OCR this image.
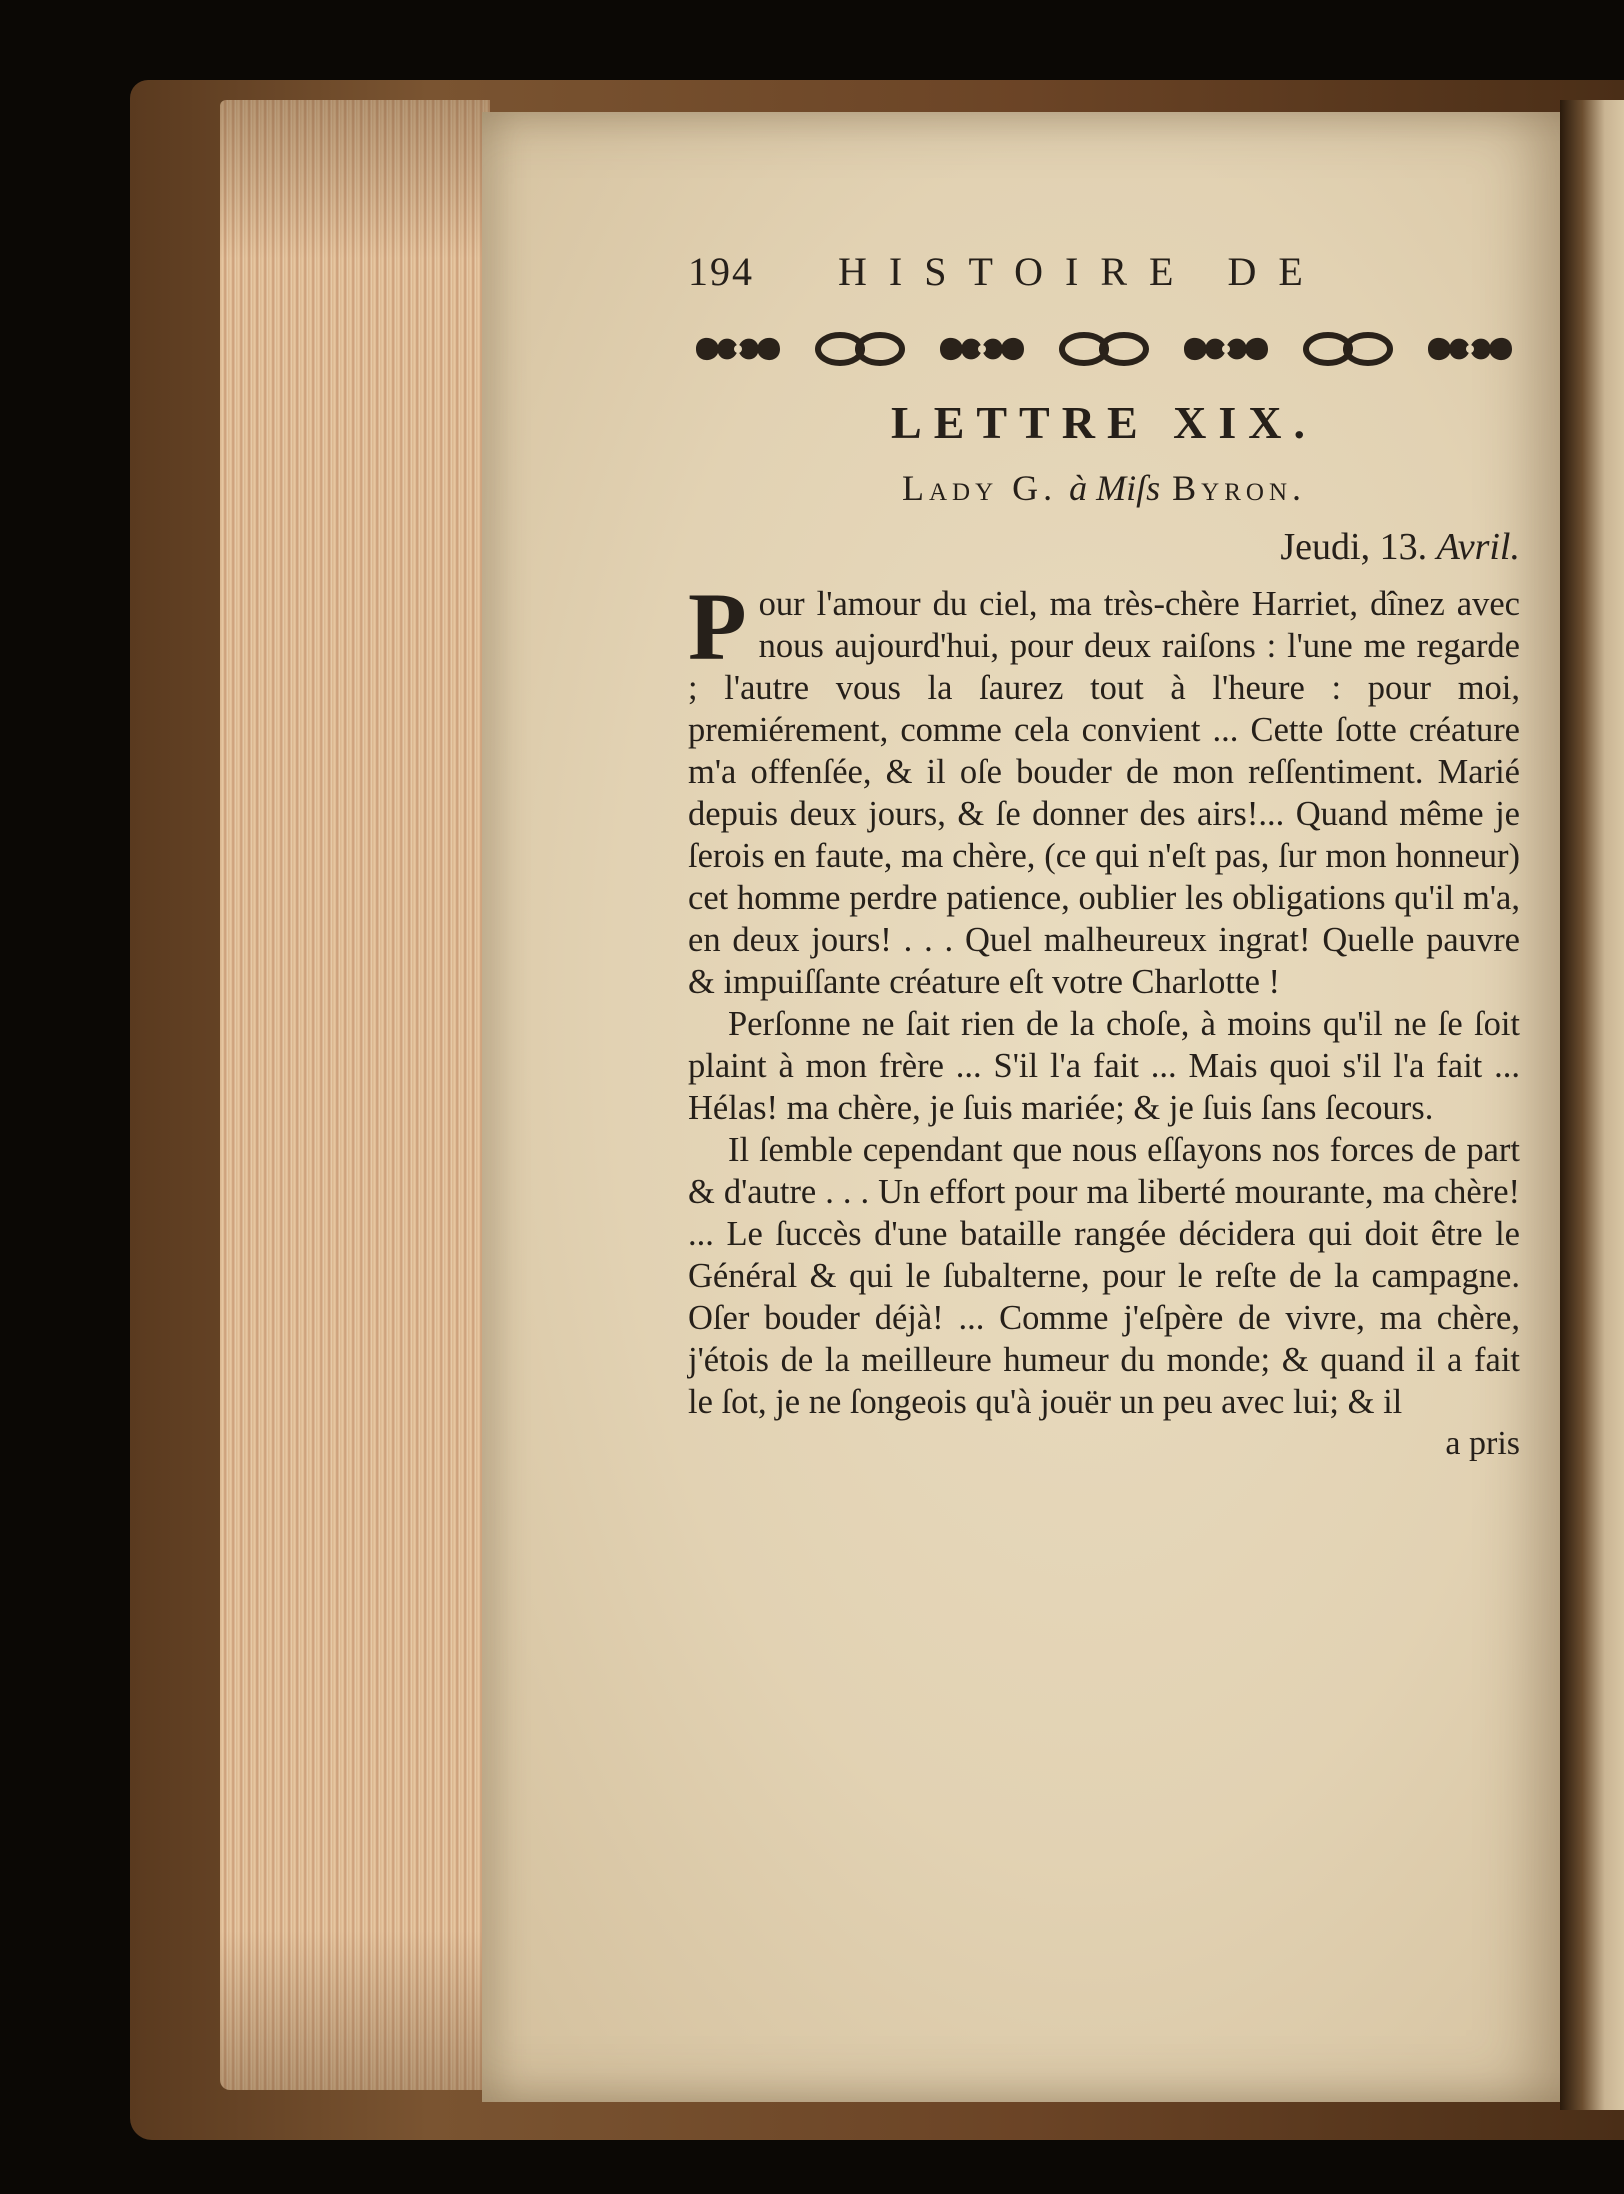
194	HISTOIRE DE
LETTRE XIX.
Lady G. à Miſs Byron.
Jeudi, 13. Avril.

Pour l'amour du ciel, ma très-chère Harriet, dînez avec nous aujourd'hui, pour deux raiſons : l'une me regarde ; l'autre vous la ſaurez tout à l'heure : pour moi, premiérement, comme cela convient ... Cette ſotte créature m'a offenſée, & il oſe bouder de mon reſſentiment. Marié depuis deux jours, & ſe donner des airs!... Quand même je ſerois en faute, ma chère, (ce qui n'eſt pas, ſur mon honneur) cet homme perdre patience, oublier les obligations qu'il m'a, en deux jours! . . . Quel malheureux ingrat! Quelle pauvre & impuiſſante créature eſt votre Charlotte !

Perſonne ne ſait rien de la choſe, à moins qu'il ne ſe ſoit plaint à mon frère ... S'il l'a fait ... Mais quoi s'il l'a fait ... Hélas! ma chère, je ſuis mariée; & je ſuis ſans ſecours.

Il ſemble cependant que nous eſſayons nos forces de part & d'autre . . . Un effort pour ma liberté mourante, ma chère! ... Le ſuccès d'une bataille rangée décidera qui doit être le Général & qui le ſubalterne, pour le reſte de la campagne. Oſer bouder déjà! ... Comme j'eſpère de vivre, ma chère, j'étois de la meilleure humeur du monde; & quand il a fait le ſot, je ne ſongeois qu'à jouër un peu avec lui; & il

a pris
